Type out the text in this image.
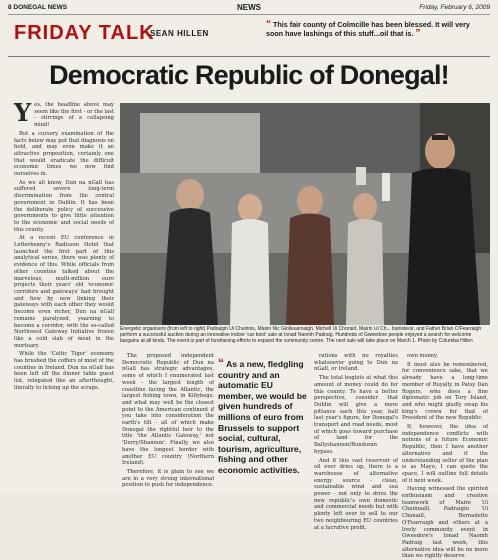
8 DONEGAL NEWS	NEWS	Friday, February 6, 2009
FRIDAY TALK
SEAN HILLEN
“ This fair county of Colmcille has been blessed. It will very soon have lashings of this stuff...oil that is. ”
Democratic Republic of Donegal!
Y es, the headline above may seem like the first - or the last - stirrings of a collapsing mind!

But a cursory examination of the facts below may put that diagnosis on hold, and may even make it an attractive proposition, certainly one that would eradicate the difficult economic times we now find ourselves in.

As we all know, Dun na nGall has suffered severe long-term discrimination from the central government in Dublin. It has been the deliberate policy of successive governments to give little attention to the economic and social needs of this county.

At a recent EU conference in Letterkenny's Radisson Hotel that launched the first part of this analytical series, there was plenty of evidence of this. While officials from other counties talked about the marvelous, multi-million euro projects their years' old 'economic corridors and gateways' had brought and how by now linking their gateways with each other they would become even richer, Dun na nGall remains paralyzed, yearning to become a corridor, with the so-called Northwest Gateway Initiative frozen like a cold slab of meat in the mortuary.

While the 'Celtic Tiger' economy has brushed the coffers of most of the counties in Ireland, Dun na nGall has been left off the dinner table guest list, relegated like an afterthought, literally to licking up the scraps.

Energetic organisers (from left to right) Padraigin Ui Chuinnis, Mairin Nic Giolleasmaigh, Michell Ui Choraid, Mairin Ui Ch... banisteoir, and Father Brian O'Fearraigh perform a successful auction during an innovative indoor 'car boot' sale at Ionad Naomh Padraig. Hundreds of Gweedore people enjoyed a search for welcome bargains at all kinds. The event is part of fundraising efforts to expand the community centre. The next sale will take place on March 1. Photo by Columba Hillen

The proposed independent Democratic Republic of Dun na nGall has strategic advantages, some of which I enumerated last week - the largest length of coastline facing the Atlantic, the largest fishing town, in Killybegs; and what may well be the closest point to the American continent if you take into consideration the earth's tilt - all of which make Donegal the rightful heir to the title 'the Atlantic Gateway,' not 'Derry/Shannon'. Finally, we also have the longest border with another EU country (Northern Ireland).

Therefore, it is plain to see we are in a very strong international position to push for independence.

“ As a new, fledgling country and an automatic EU member, we would be given hundreds of millions of euro from Brussels to support social, cultural, tourism, agriculture, fishing and other economic activities.

rations with no royalties whatsoever going to Dun na nGall, or Ireland.

The total boglets at what this amount of money could do for this county. To have a better perspective, consider that Dublin will give a mere pittance each this year, half last year's figure, for Donegal's transport and road needs, most of which goes toward purchase of land for the Ballyshannon/Bundoran bypass.

And if this vast reservoir of oil ever dries up, there is a warehouse of alternative energy source - clean, sustainable wind and sea power - not only to drive the new republic's own domestic and commercial needs but with plenty left over to sell to our two neighbouring EU countries at a lucrative profit.

own money.

It must also be remembered, for convenience sake, that we already have a long-time member of Royalty in Patsy Dan Rogers, who does a fine diplomatic job on Tory Island, and who might gladly swap his king's crown for that of President of the new Republic.

If, however, the idea of independence conflicts with notions of a future Economic Republic, then I have another alternative and if the understanding seller of the plan is as Mayo, I can quote the space, I will outline full details of it next week.

Having witnessed the spirited enthusiasm and creative teamwork of Maire Ui Chuinnaill, Padraigin Ui Chonaill, Bernadette O'Fearraigh and others at a lively community event in Gweedore's Ionad Naomh Padraig last week, this alternative idea will be no more than we rightly deserve.
